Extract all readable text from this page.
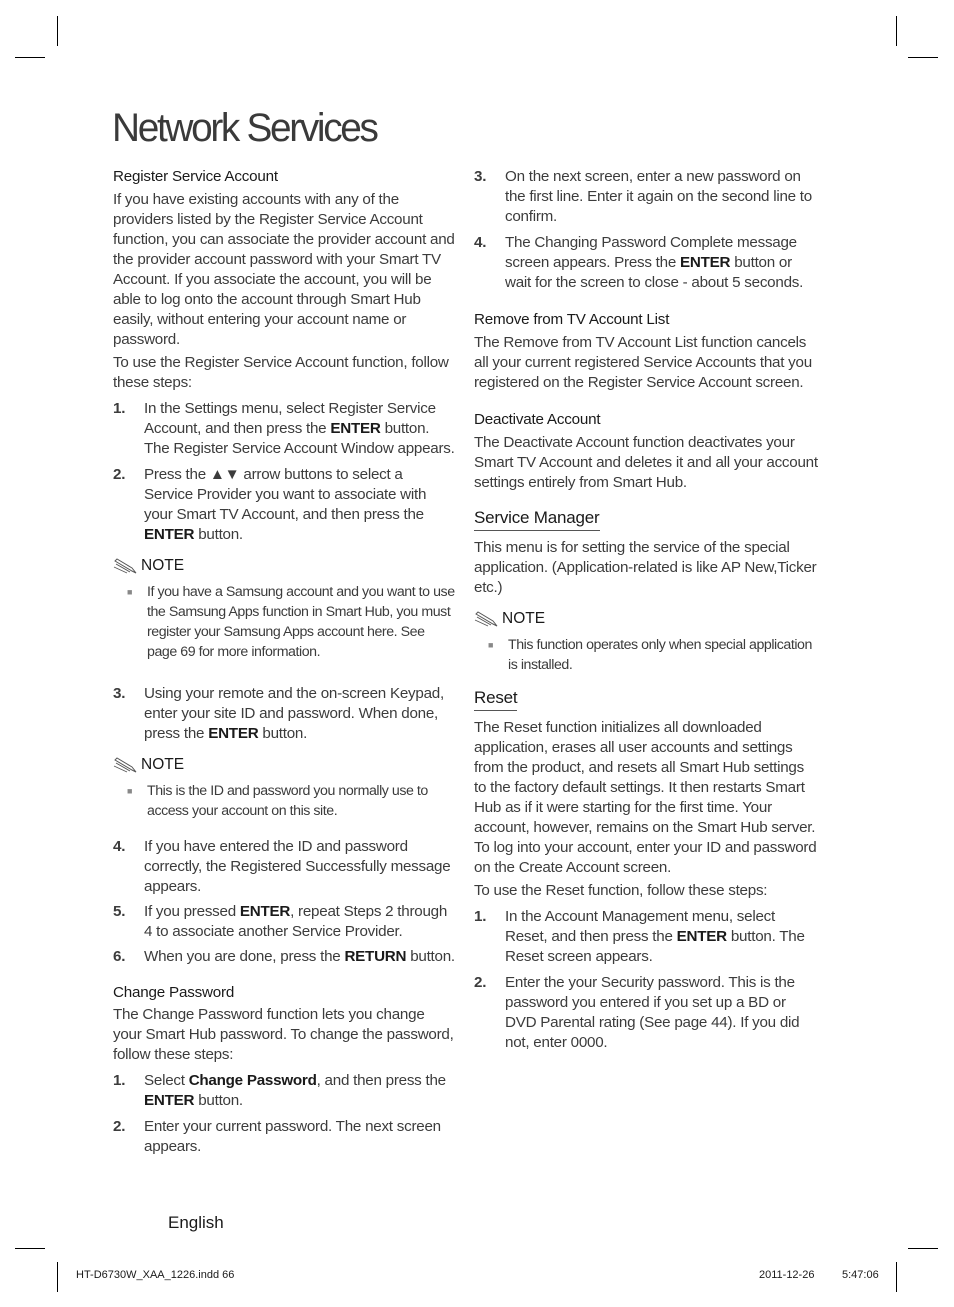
Network Services
Register Service Account

If you have existing accounts with any of the providers listed by the Register Service Account function, you can associate the provider account and the provider account password with your Smart TV Account. If you associate the account, you will be able to log onto the account through Smart Hub easily, without entering your account name or password.

To use the Register Service Account function, follow these steps:

1.	In the Settings menu, select Register Service Account, and then press the ENTER button. The Register Service Account Window appears.
2.	Press the ▲▼ arrow buttons to select a Service Provider you want to associate with your Smart TV Account, and then press the ENTER button.
NOTE
■	If you have a Samsung account and you want to use the Samsung Apps function in Smart Hub, you must register your Samsung Apps account here. See page 69 for more information.
3.	Using your remote and the on-screen Keypad, enter your site ID and password. When done, press the ENTER button.
NOTE
■	This is the ID and password you normally use to access your account on this site.
4.	If you have entered the ID and password correctly, the Registered Successfully message appears.
5.	If you pressed ENTER, repeat Steps 2 through 4 to associate another Service Provider.
6.	When you are done, press the RETURN button.
Change Password

The Change Password function lets you change your Smart Hub password. To change the password, follow these steps:

1.	Select Change Password, and then press the ENTER button.
2.	Enter your current password. The next screen appears.
3.	On the next screen, enter a new password on the first line. Enter it again on the second line to confirm.
4.	The Changing Password Complete message screen appears. Press the ENTER button or wait for the screen to close - about 5 seconds.
Remove from TV Account List

The Remove from TV Account List function cancels all your current registered Service Accounts that you registered on the Register Service Account screen.

Deactivate Account

The Deactivate Account function deactivates your Smart TV Account and deletes it and all your account settings entirely from Smart Hub.

Service Manager

This menu is for setting the service of the special application. (Application-related is like AP New,Ticker etc.)

NOTE
■	This function operates only when special application is installed.
Reset

The Reset function initializes all downloaded application, erases all user accounts and settings from the product, and resets all Smart Hub settings to the factory default settings. It then restarts Smart Hub as if it were starting for the first time. Your account, however, remains on the Smart Hub server. To log into your account, enter your ID and password on the Create Account screen.

To use the Reset function, follow these steps:

1.	In the Account Management menu, select Reset, and then press the ENTER button. The Reset screen appears.
2.	Enter the your Security password. This is the password you entered if you set up a BD or DVD Parental rating (See page 44). If you did not, enter 0000.
English
HT-D6730W_XAA_1226.indd 66	2011-12-26	5:47:06
